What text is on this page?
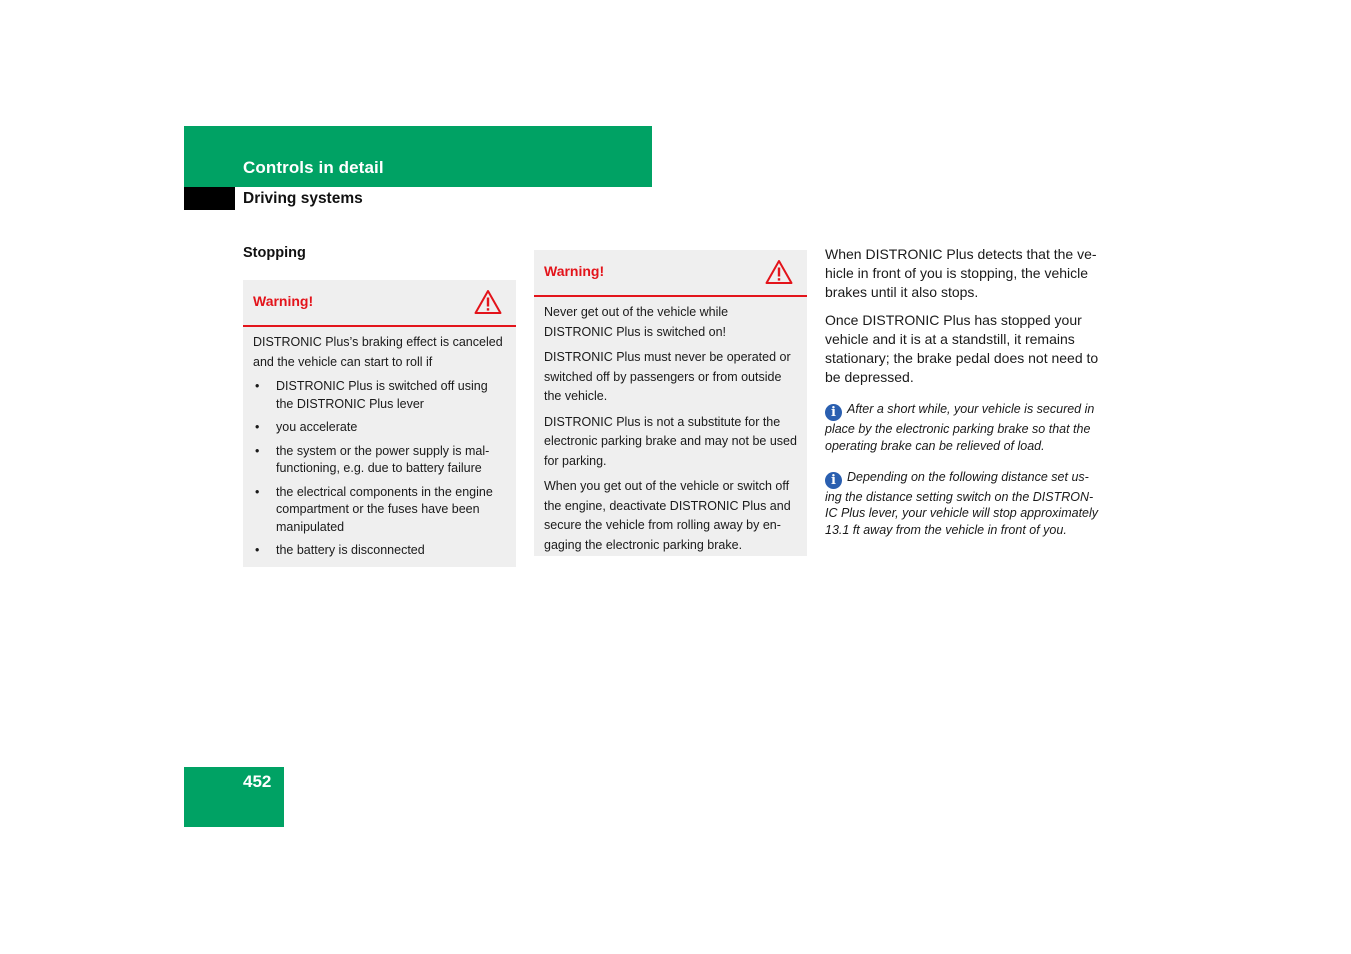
Controls in detail
Driving systems
Stopping
Warning!

DISTRONIC Plus’s braking effect is canceled and the vehicle can start to roll if

• DISTRONIC Plus is switched off using the DISTRONIC Plus lever
• you accelerate
• the system or the power supply is mal-functioning, e.g. due to battery failure
• the electrical components in the engine compartment or the fuses have been manipulated
• the battery is disconnected
Warning!

Never get out of the vehicle while DISTRONIC Plus is switched on!

DISTRONIC Plus must never be operated or switched off by passengers or from outside the vehicle.

DISTRONIC Plus is not a substitute for the electronic parking brake and may not be used for parking.

When you get out of the vehicle or switch off the engine, deactivate DISTRONIC Plus and secure the vehicle from rolling away by en-gaging the electronic parking brake.

When DISTRONIC Plus detects that the ve-hicle in front of you is stopping, the vehicle brakes until it also stops.

Once DISTRONIC Plus has stopped your vehicle and it is at a standstill, it remains stationary; the brake pedal does not need to be depressed.

i After a short while, your vehicle is secured in place by the electronic parking brake so that the operating brake can be relieved of load.
i Depending on the following distance set us-ing the distance setting switch on the DISTRON-IC Plus lever, your vehicle will stop approximately 13.1 ft away from the vehicle in front of you.
452
